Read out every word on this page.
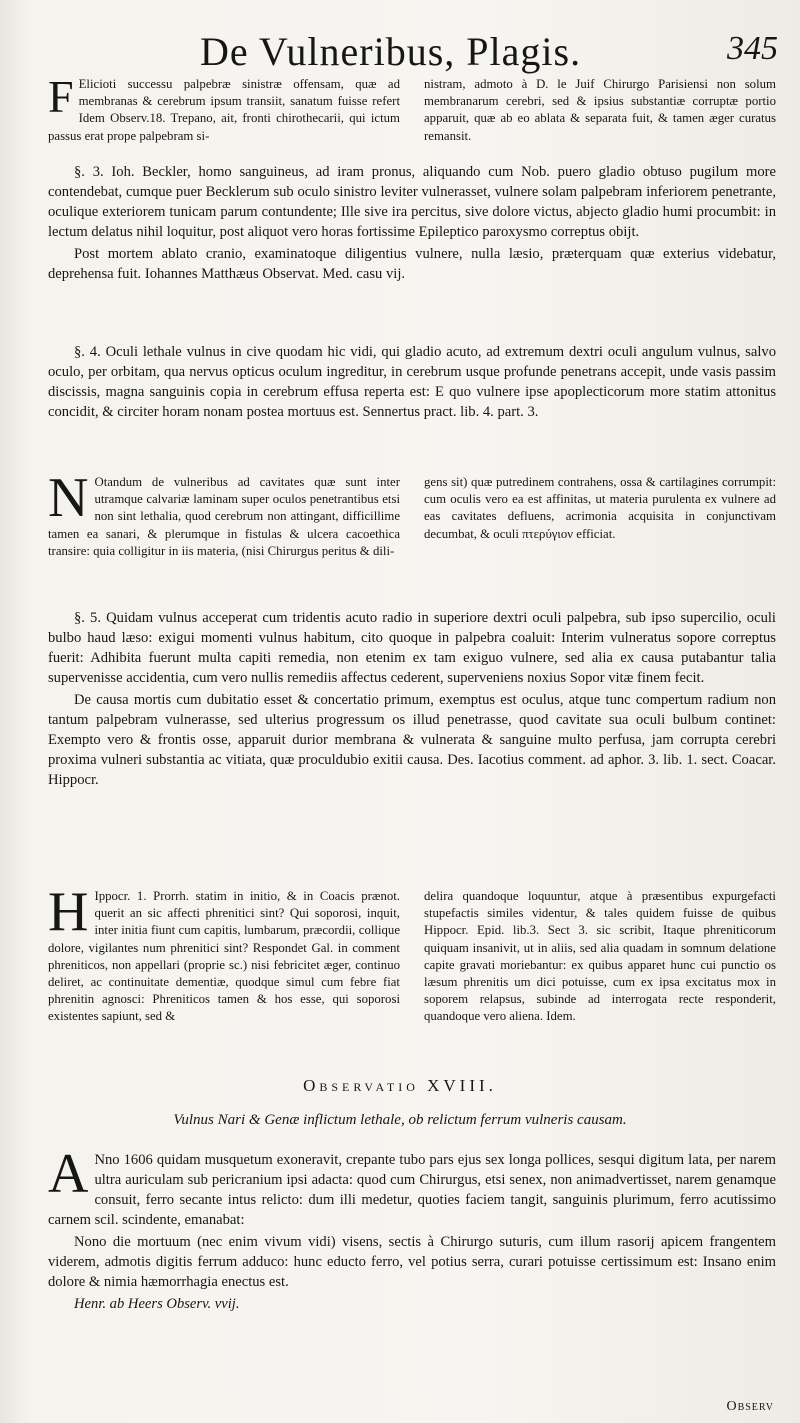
De Vulneribus, Plagis.	345
F Elicioti successu palpebræ sinistræ offensam, quæ ad membranas & cerebrum ipsum transiit, sanatum fuisse refert Idem Observ.18. Trepano, ait, fronti chirothecarii, qui ictum passus erat prope palpebram si-
nistram, admoto à D. le Juif Chirurgo Parisiensi non solum membranarum cerebri, sed & ipsius substantiæ corruptæ portio apparuit, quæ ab eo ablata & separata fuit, & tamen æger curatus remansit.

§. 3. Ioh. Beckler, homo sanguineus, ad iram pronus, aliquando cum Nob. puero gladio obtuso pugilum more contendebat, cumque puer Becklerum sub oculo sinistro leviter vulnerasset, vulnere solam palpebram inferiorem penetrante, oculique exteriorem tunicam parum contundente; Ille sive ira percitus, sive dolore victus, abjecto gladio humi procumbit: in lectum delatus nihil loquitur, post aliquot vero horas fortissime Epileptico paroxysmo correptus obijt.

Post mortem ablato cranio, examinatoque diligentius vulnere, nulla læsio, præterquam quæ exterius videbatur, deprehensa fuit. Iohannes Matthæus Observat. Med. casu vij.

§. 4. Oculi lethale vulnus in cive quodam hic vidi, qui gladio acuto, ad extremum dextri oculi angulum vulnus, salvo oculo, per orbitam, qua nervus opticus oculum ingreditur, in cerebrum usque profunde penetrans accepit, unde vasis passim discissis, magna sanguinis copia in cerebrum effusa reperta est: E quo vulnere ipse apoplecticorum more statim attonitus concidit, & circiter horam nonam postea mortuus est. Sennertus pract. lib. 4. part. 3.

N Otandum de vulneribus ad cavitates quæ sunt inter utramque calvariæ laminam super oculos penetrantibus etsi non sint lethalia, quod cerebrum non attingant, difficillime tamen ea sanari, & plerumque in fistulas & ulcera cacoethica transire: quia colligitur in iis materia, (nisi Chirurgus peritus & dili-
gens sit) quæ putredinem contrahens, ossa & cartilagines corrumpit: cum oculis vero ea est affinitas, ut materia purulenta ex vulnere ad eas cavitates defluens, acrimonia acquisita in conjunctivam decumbat, & oculi πτερύγιον efficiat.

§. 5. Quidam vulnus acceperat cum tridentis acuto radio in superiore dextri oculi palpebra, sub ipso supercilio, oculi bulbo haud læso: exigui momenti vulnus habitum, cito quoque in palpebra coaluit: Interim vulneratus sopore correptus fuerit: Adhibita fuerunt multa capiti remedia, non etenim ex tam exiguo vulnere, sed alia ex causa putabantur talia supervenisse accidentia, cum vero nullis remediis affectus cederent, superveniens noxius Sopor vitæ finem fecit.

De causa mortis cum dubitatio esset & concertatio primum, exemptus est oculus, atque tunc compertum radium non tantum palpebram vulnerasse, sed ulterius progressum os illud penetrasse, quod cavitate sua oculi bulbum continet: Exempto vero & frontis osse, apparuit durior membrana & vulnerata & sanguine multo perfusa, jam corrupta cerebri proxima vulneri substantia ac vitiata, quæ proculdubio exitii causa. Des. Iacotius comment. ad aphor. 3. lib. 1. sect. Coacar. Hippocr.

H Ippocr. 1. Prorrh. statim in initio, & in Coacis prænot. querit an sic affecti phrenitici sint? Qui soporosi, inquit, inter initia fiunt cum capitis, lumbarum, præcordii, collique dolore, vigilantes num phrenitici sint? Respondet Gal. in comment phreniticos, non appellari (proprie sc.) nisi febricitet æger, continuo deliret, ac continuitate dementiæ, quodque simul cum febre fiat phrenitin agnosci: Phreniticos tamen & hos esse, qui soporosi existentes sapiunt, sed &
delira quandoque loquuntur, atque à præsentibus expurgefacti stupefactis similes videntur, & tales quidem fuisse de quibus Hippocr. Epid. lib.3. Sect 3. sic scribit, Itaque phreniticorum quiquam insanivit, ut in aliis, sed alia quadam in somnum delatione capite gravati moriebantur: ex quibus apparet hunc cui punctio os læsum phrenitis um dici potuisse, cum ex ipsa excitatus mox in soporem relapsus, subinde ad interrogata recte responderit, quandoque vero aliena. Idem.
Observatio XVIII.
Vulnus Nari & Genæ inflictum lethale, ob relictum ferrum vulneris causam.

A Nno 1606 quidam musquetum exoneravit, crepante tubo pars ejus sex longa pollices, sesqui digitum lata, per narem ultra auriculam sub pericranium ipsi adacta: quod cum Chirurgus, etsi senex, non animadvertisset, narem genamque consuit, ferro secante intus relicto: dum illi medetur, quoties faciem tangit, sanguinis plurimum, ferro acutissimo carnem scil. scindente, emanabat:

Nono die mortuum (nec enim vivum vidi) visens, sectis à Chirurgo suturis, cum illum rasorij apicem frangentem viderem, admotis digitis ferrum adduco: hunc educto ferro, vel potius serra, curari potuisse certissimum est: Insano enim dolore & nimia hæmorrhagia enectus est.

Henr. ab Heers Observ. vvij.

Observ
